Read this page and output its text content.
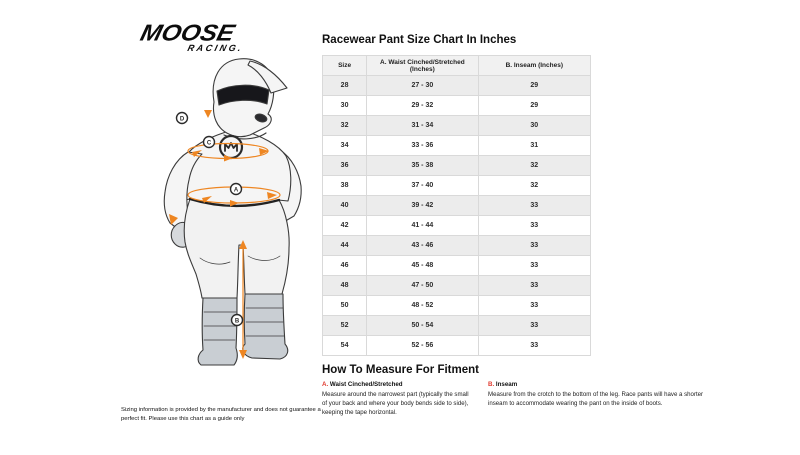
MOOSE
RACING.
D
C
A
B
Racewear Pant Size Chart In Inches
Size	A. Waist Cinched/Stretched (Inches)	B. Inseam (Inches)
28	27 - 30	29
30	29 - 32	29
32	31 - 34	30
34	33 - 36	31
36	35 - 38	32
38	37 - 40	32
40	39 - 42	33
42	41 - 44	33
44	43 - 46	33
46	45 - 48	33
48	47 - 50	33
50	48 - 52	33
52	50 - 54	33
54	52 - 56	33
How To Measure For Fitment
A. Waist Cinched/Stretched
Measure around the narrowest part (typically the small of your back and where your body bends side to side), keeping the tape horizontal.
B. Inseam
Measure from the crotch to the bottom of the leg. Race pants will have a shorter inseam to accommodate wearing the pant on the inside of boots.
Sizing information is provided by the manufacturer and does not guarantee a perfect fit. Please use this chart as a guide only
